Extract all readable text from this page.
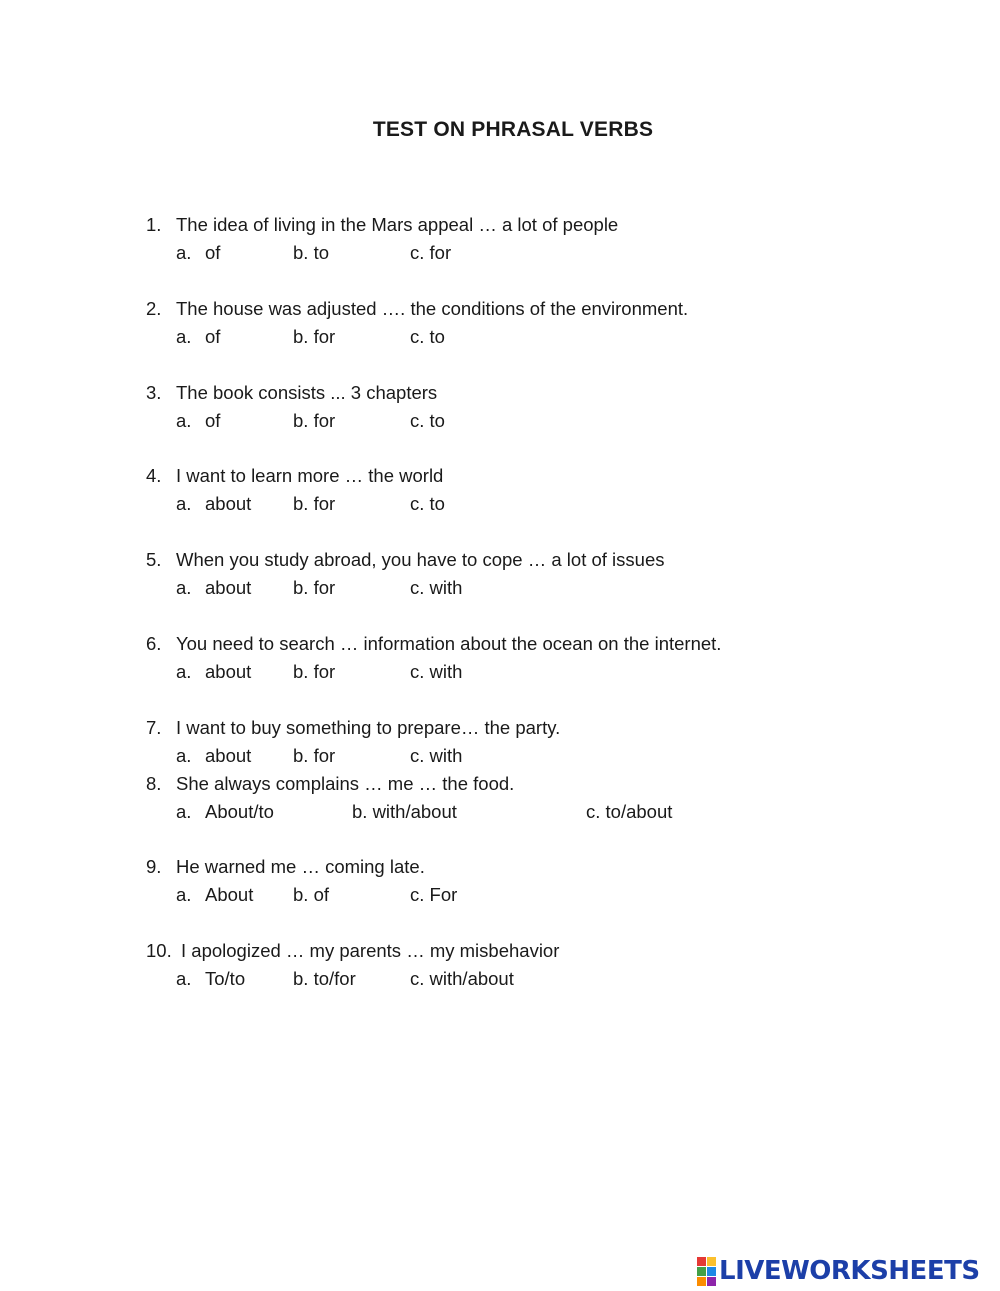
TEST ON PHRASAL VERBS
1. The idea of living in the Mars appeal … a lot of people
a. of	b. to	c. for
2. The house was adjusted …. the conditions of the environment.
a. of	b. for	c. to
3. The book consists ... 3 chapters
a. of	b. for	c. to
4. I want to learn more … the world
a. about b. for	c. to
5. When you study abroad, you have to cope … a lot of issues
a. about b. for	c. with
6. You need to search … information about the ocean on the internet.
a. about b. for	c. with
7. I want to buy something to prepare… the party.
a. about b. for	c. with
8. She always complains … me … the food.
a. About/to	b. with/about	c. to/about
9. He warned me … coming late.
a. About b. of	c. For
10. I apologized … my parents … my misbehavior
a. To/to	b. to/for	c. with/about
LIVEWORKSHEETS
